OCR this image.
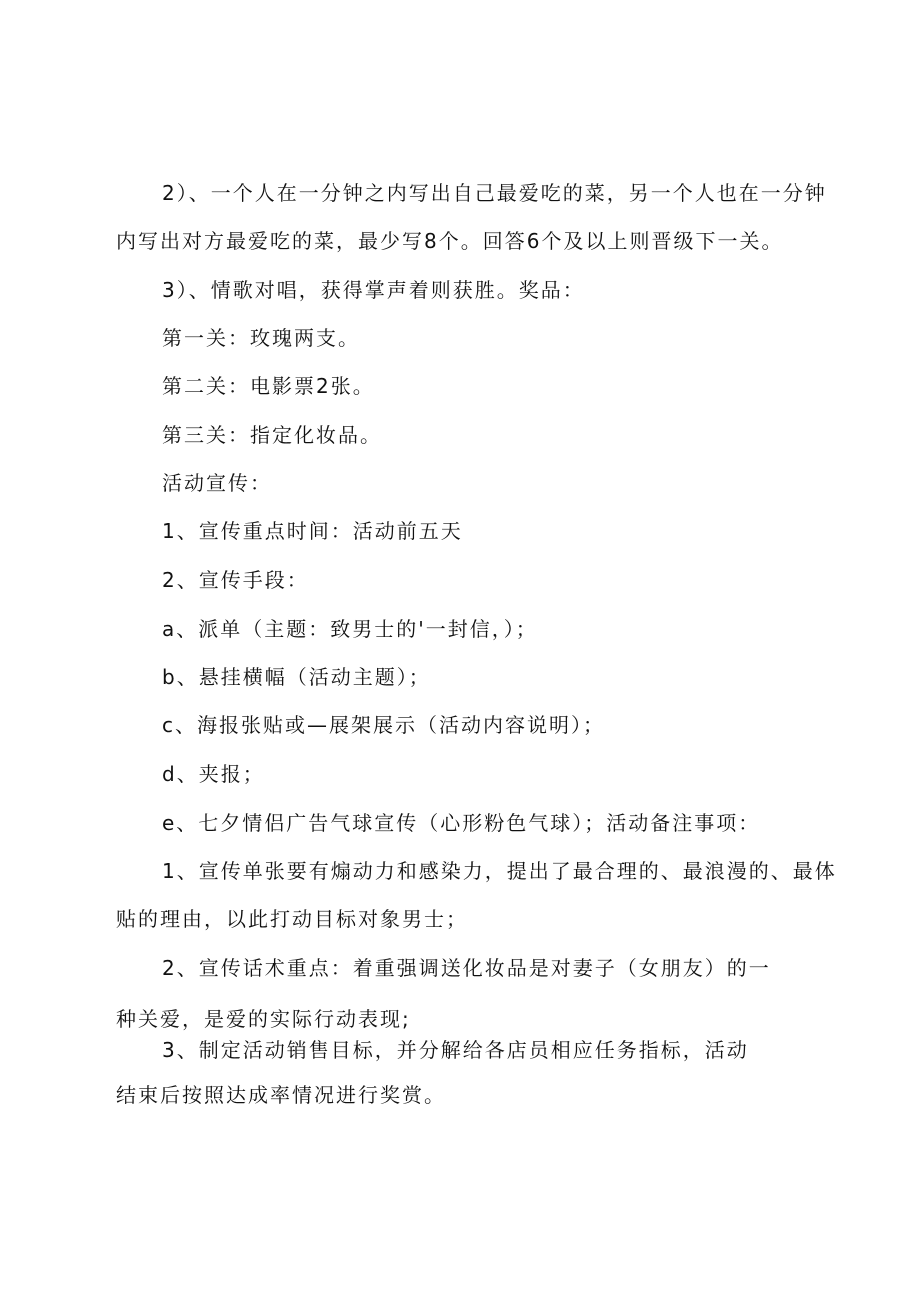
2）、一个人在一分钟之内写出自己最爱吃的菜，另一个人也在一分钟
内写出对方最爱吃的菜，最少写8个。回答6个及以上则晋级下一关。
3）、情歌对唱，获得掌声着则获胜。奖品：
第一关：玫瑰两支。
第二关：电影票2张。
第三关：指定化妆品。
活动宣传：
1、宣传重点时间：活动前五天
2、宣传手段：
a、派单（主题：致男士的'一封信，）；
b、悬挂横幅（活动主题）；
c、海报张贴或—展架展示（活动内容说明）；
d、夹报；
e、七夕情侣广告气球宣传（心形粉色气球）；活动备注事项：
1、宣传单张要有煽动力和感染力，提出了最合理的、最浪漫的、最体
贴的理由，以此打动目标对象男士；
2、宣传话术重点：着重强调送化妆品是对妻子（女朋友）的一
种关爱，是爱的实际行动表现;
3、制定活动销售目标，并分解给各店员相应任务指标，活动
结束后按照达成率情况进行奖赏。
